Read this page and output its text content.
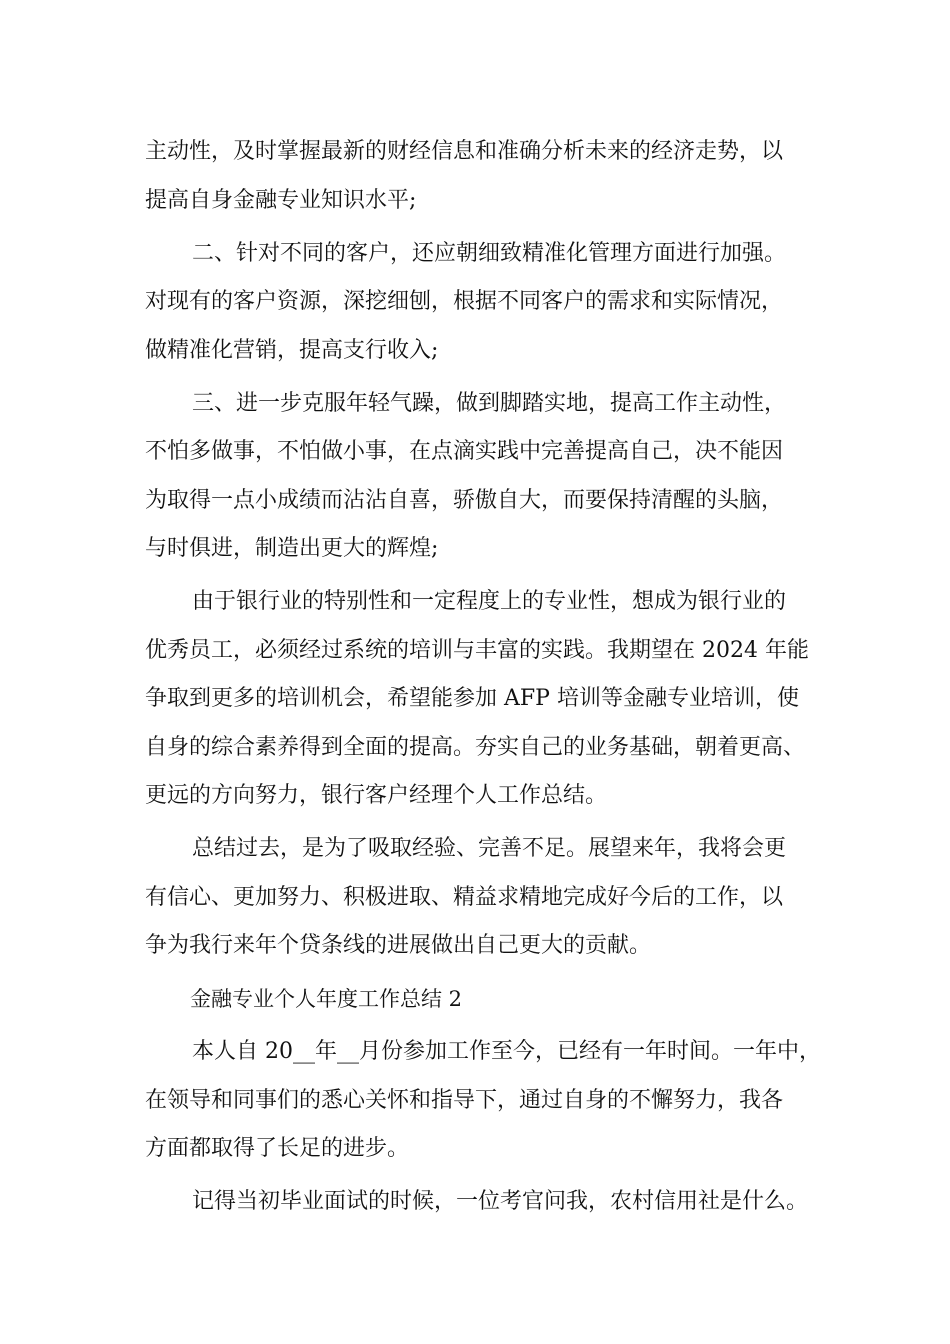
主动性，及时掌握最新的财经信息和准确分析未来的经济走势，以
提高自身金融专业知识水平;

二、针对不同的客户，还应朝细致精准化管理方面进行加强。
对现有的客户资源，深挖细刨，根据不同客户的需求和实际情况，
做精准化营销，提高支行收入;

三、进一步克服年轻气躁，做到脚踏实地，提高工作主动性，
不怕多做事，不怕做小事，在点滴实践中完善提高自己，决不能因
为取得一点小成绩而沾沾自喜，骄傲自大，而要保持清醒的头脑，
与时俱进，制造出更大的辉煌;

由于银行业的特别性和一定程度上的专业性，想成为银行业的
优秀员工，必须经过系统的培训与丰富的实践。我期望在 2024 年能
争取到更多的培训机会，希望能参加 AFP 培训等金融专业培训，使
自身的综合素养得到全面的提高。夯实自己的业务基础，朝着更高、
更远的方向努力，银行客户经理个人工作总结。

总结过去，是为了吸取经验、完善不足。展望来年，我将会更
有信心、更加努力、积极进取、精益求精地完成好今后的工作，以
争为我行来年个贷条线的进展做出自己更大的贡献。

金融专业个人年度工作总结 2

本人自 20__年__月份参加工作至今，已经有一年时间。一年中，
在领导和同事们的悉心关怀和指导下，通过自身的不懈努力，我各
方面都取得了长足的进步。

记得当初毕业面试的时候，一位考官问我，农村信用社是什么。
